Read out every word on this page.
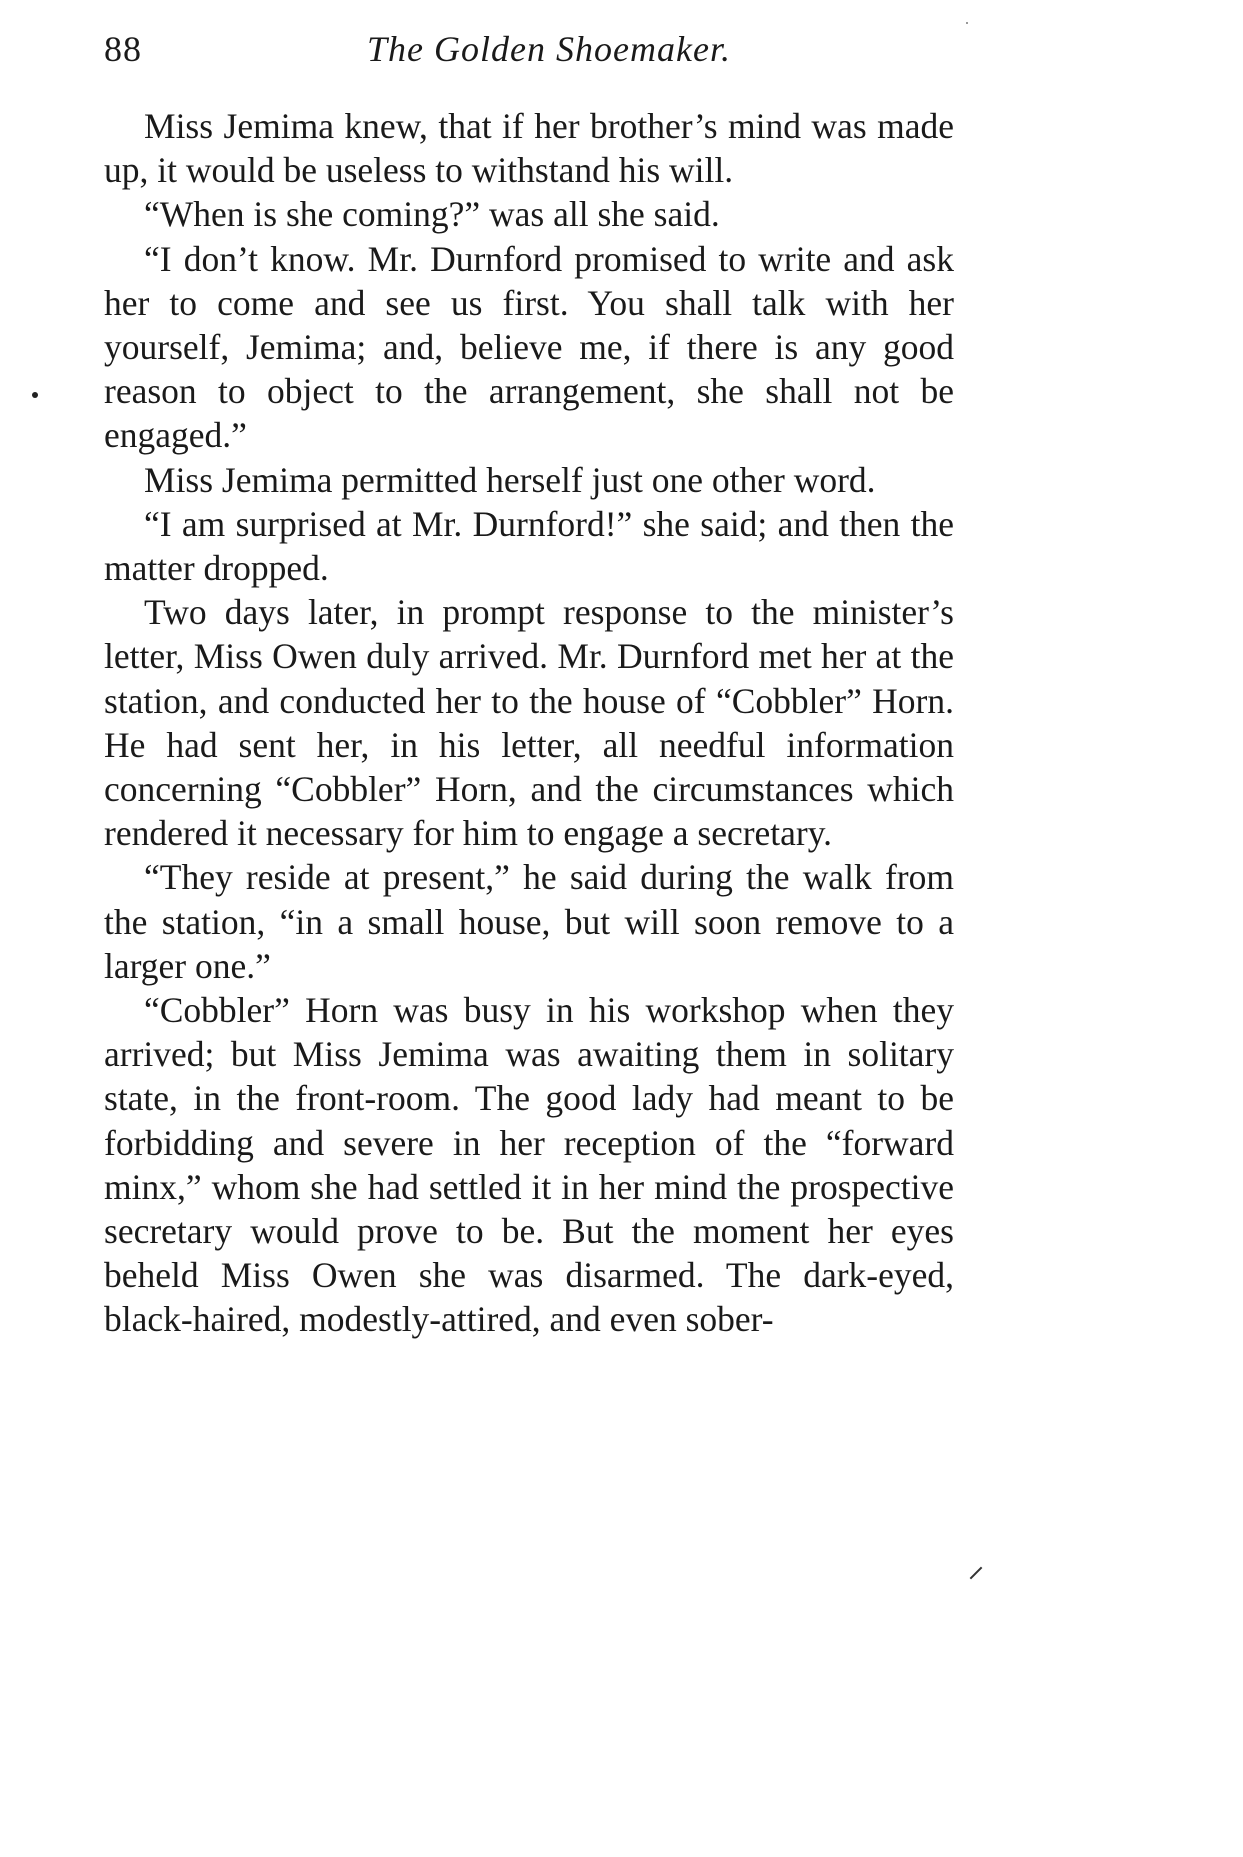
88	The Golden Shoemaker.

Miss Jemima knew, that if her brother’s mind was made up, it would be useless to withstand his will.

“When is she coming?” was all she said.

“I don’t know. Mr. Durnford promised to write and ask her to come and see us first. You shall talk with her yourself, Jemima; and, believe me, if there is any good reason to object to the arrangement, she shall not be engaged.”

Miss Jemima permitted herself just one other word.

“I am surprised at Mr. Durnford!” she said; and then the matter dropped.

Two days later, in prompt response to the minister’s letter, Miss Owen duly arrived. Mr. Durnford met her at the station, and conducted her to the house of “Cobbler” Horn. He had sent her, in his letter, all needful information concerning “Cobbler” Horn, and the circumstances which rendered it necessary for him to engage a secretary.

“They reside at present,” he said during the walk from the station, “in a small house, but will soon remove to a larger one.”

“Cobbler” Horn was busy in his workshop when they arrived; but Miss Jemima was awaiting them in solitary state, in the front-room. The good lady had meant to be forbidding and severe in her reception of the “forward minx,” whom she had settled it in her mind the prospective secretary would prove to be. But the moment her eyes beheld Miss Owen she was disarmed. The dark-eyed, black-haired, modestly-attired, and even sober-
